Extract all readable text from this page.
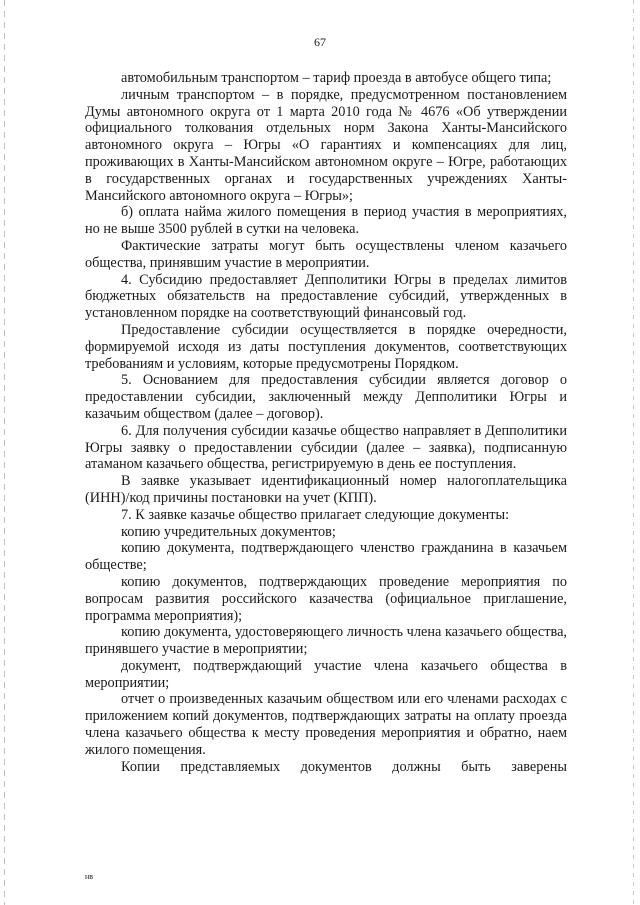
67

автомобильным транспортом – тариф проезда в автобусе общего типа;

личным транспортом – в порядке, предусмотренном постановлением Думы автономного округа от 1 марта 2010 года № 4676 «Об утверждении официального толкования отдельных норм Закона Ханты-Мансийского автономного округа – Югры «О гарантиях и компенсациях для лиц, проживающих в Ханты-Мансийском автономном округе – Югре, работающих в государственных органах и государственных учреждениях Ханты-Мансийского автономного округа – Югры»;

б) оплата найма жилого помещения в период участия в мероприятиях, но не выше 3500 рублей в сутки на человека.

Фактические затраты могут быть осуществлены членом казачьего общества, принявшим участие в мероприятии.

4. Субсидию предоставляет Депполитики Югры в пределах лимитов бюджетных обязательств на предоставление субсидий, утвержденных в установленном порядке на соответствующий финансовый год.

Предоставление субсидии осуществляется в порядке очередности, формируемой исходя из даты поступления документов, соответствующих требованиям и условиям, которые предусмотрены Порядком.

5. Основанием для предоставления субсидии является договор о предоставлении субсидии, заключенный между Депполитики Югры и казачьим обществом (далее – договор).

6. Для получения субсидии казачье общество направляет в Депполитики Югры заявку о предоставлении субсидии (далее – заявка), подписанную атаманом казачьего общества, регистрируемую в день ее поступления.

В заявке указывает идентификационный номер налогоплательщика (ИНН)/код причины постановки на учет (КПП).

7. К заявке казачье общество прилагает следующие документы:

копию учредительных документов;

копию документа, подтверждающего членство гражданина в казачьем обществе;

копию документов, подтверждающих проведение мероприятия по вопросам развития российского казачества (официальное приглашение, программа мероприятия);

копию документа, удостоверяющего личность члена казачьего общества, принявшего участие в мероприятии;

документ, подтверждающий участие члена казачьего общества в мероприятии;

отчет о произведенных казачьим обществом или его членами расходах с приложением копий документов, подтверждающих затраты на оплату проезда члена казачьего общества к месту проведения мероприятия и обратно, наем жилого помещения.

Копии представляемых документов должны быть заверены

нв
